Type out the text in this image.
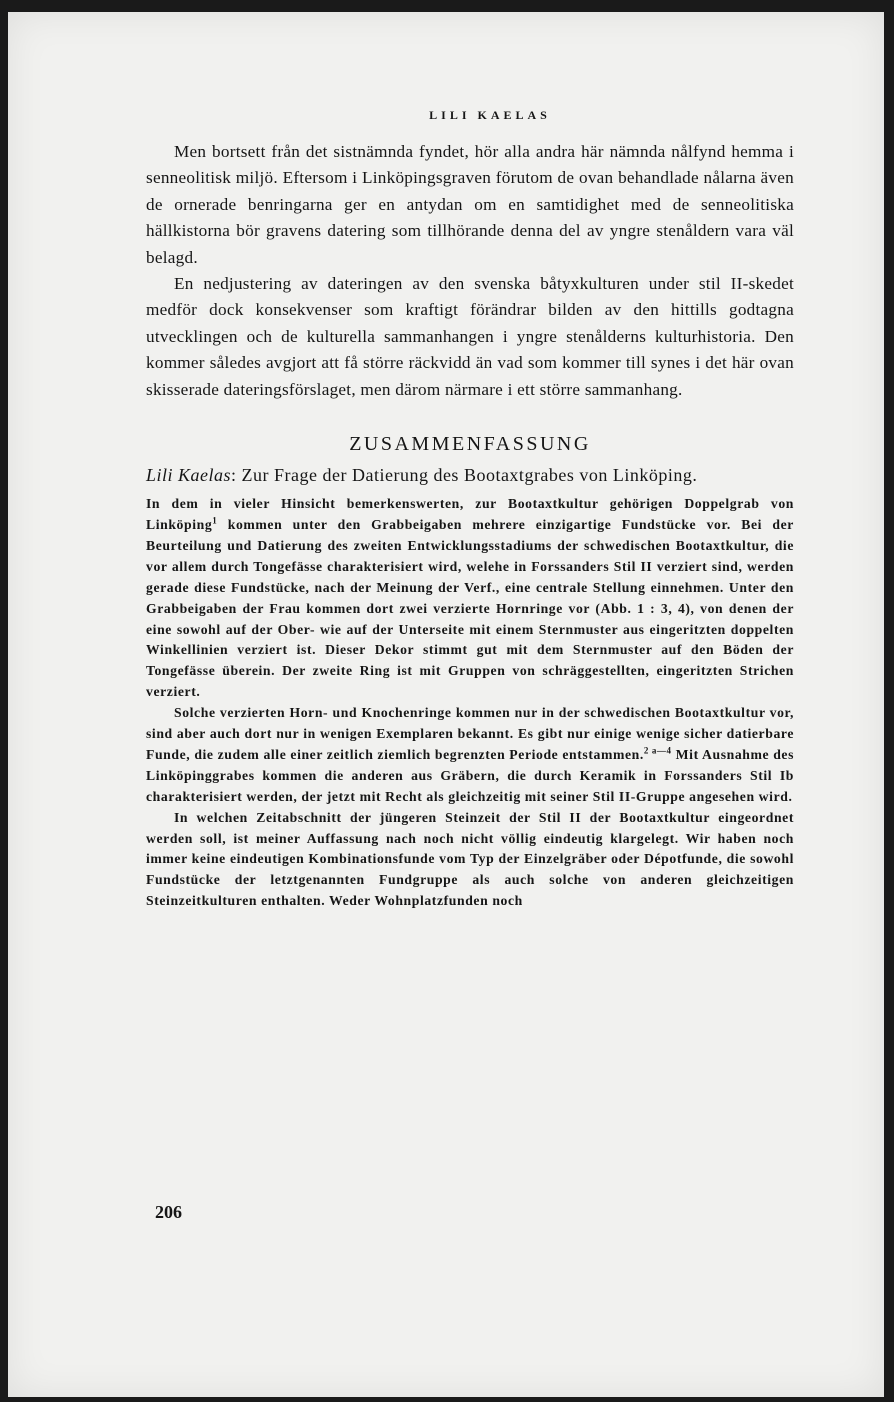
LILI KAELAS

Men bortsett från det sistnämnda fyndet, hör alla andra här nämnda nålfynd hemma i senneolitisk miljö. Eftersom i Linköpingsgraven förutom de ovan behandlade nålarna även de ornerade benringarna ger en antydan om en samtidighet med de senneolitiska hällkistorna bör gravens datering som tillhörande denna del av yngre stenåldern vara väl belagd.

En nedjustering av dateringen av den svenska båtyxkulturen under stil II-skedet medför dock konsekvenser som kraftigt förändrar bilden av den hittills godtagna utvecklingen och de kulturella sammanhangen i yngre stenålderns kulturhistoria. Den kommer således avgjort att få större räckvidd än vad som kommer till synes i det här ovan skisserade dateringsförslaget, men därom närmare i ett större sammanhang.

ZUSAMMENFASSUNG
Lili Kaelas: Zur Frage der Datierung des Bootaxtgrabes von Linköping.

In dem in vieler Hinsicht bemerkenswerten, zur Bootaxtkultur gehörigen Doppelgrab von Linköping$^1$ kommen unter den Grabbeigaben mehrere einzigartige Fundstücke vor. Bei der Beurteilung und Datierung des zweiten Entwicklungsstadiums der schwedischen Bootaxtkultur, die vor allem durch Tongefässe charakterisiert wird, welehe in Forssanders Stil II verziert sind, werden gerade diese Fundstücke, nach der Meinung der Verf., eine centrale Stellung einnehmen. Unter den Grabbeigaben der Frau kommen dort zwei verzierte Hornringe vor (Abb. 1 : 3, 4), von denen der eine sowohl auf der Ober- wie auf der Unterseite mit einem Sternmuster aus eingeritzten doppelten Winkellinien verziert ist. Dieser Dekor stimmt gut mit dem Sternmuster auf den Böden der Tongefässe überein. Der zweite Ring ist mit Gruppen von schräggestellten, eingeritzten Strichen verziert.

Solche verzierten Horn- und Knochenringe kommen nur in der schwedischen Bootaxtkultur vor, sind aber auch dort nur in wenigen Exemplaren bekannt. Es gibt nur einige wenige sicher datierbare Funde, die zudem alle einer zeitlich ziemlich begrenzten Periode entstammen.$^{2 a—4}$ Mit Ausnahme des Linköpinggrabes kommen die anderen aus Gräbern, die durch Keramik in Forssanders Stil Ib charakterisiert werden, der jetzt mit Recht als gleichzeitig mit seiner Stil II-Gruppe angesehen wird.

In welchen Zeitabschnitt der jüngeren Steinzeit der Stil II der Bootaxtkultur eingeordnet werden soll, ist meiner Auffassung nach noch nicht völlig eindeutig klargelegt. Wir haben noch immer keine eindeutigen Kombinationsfunde vom Typ der Einzelgräber oder Dépotfunde, die sowohl Fundstücke der letztgenannten Fundgruppe als auch solche von anderen gleichzeitigen Steinzeitkulturen enthalten. Weder Wohnplatzfunden noch

206
